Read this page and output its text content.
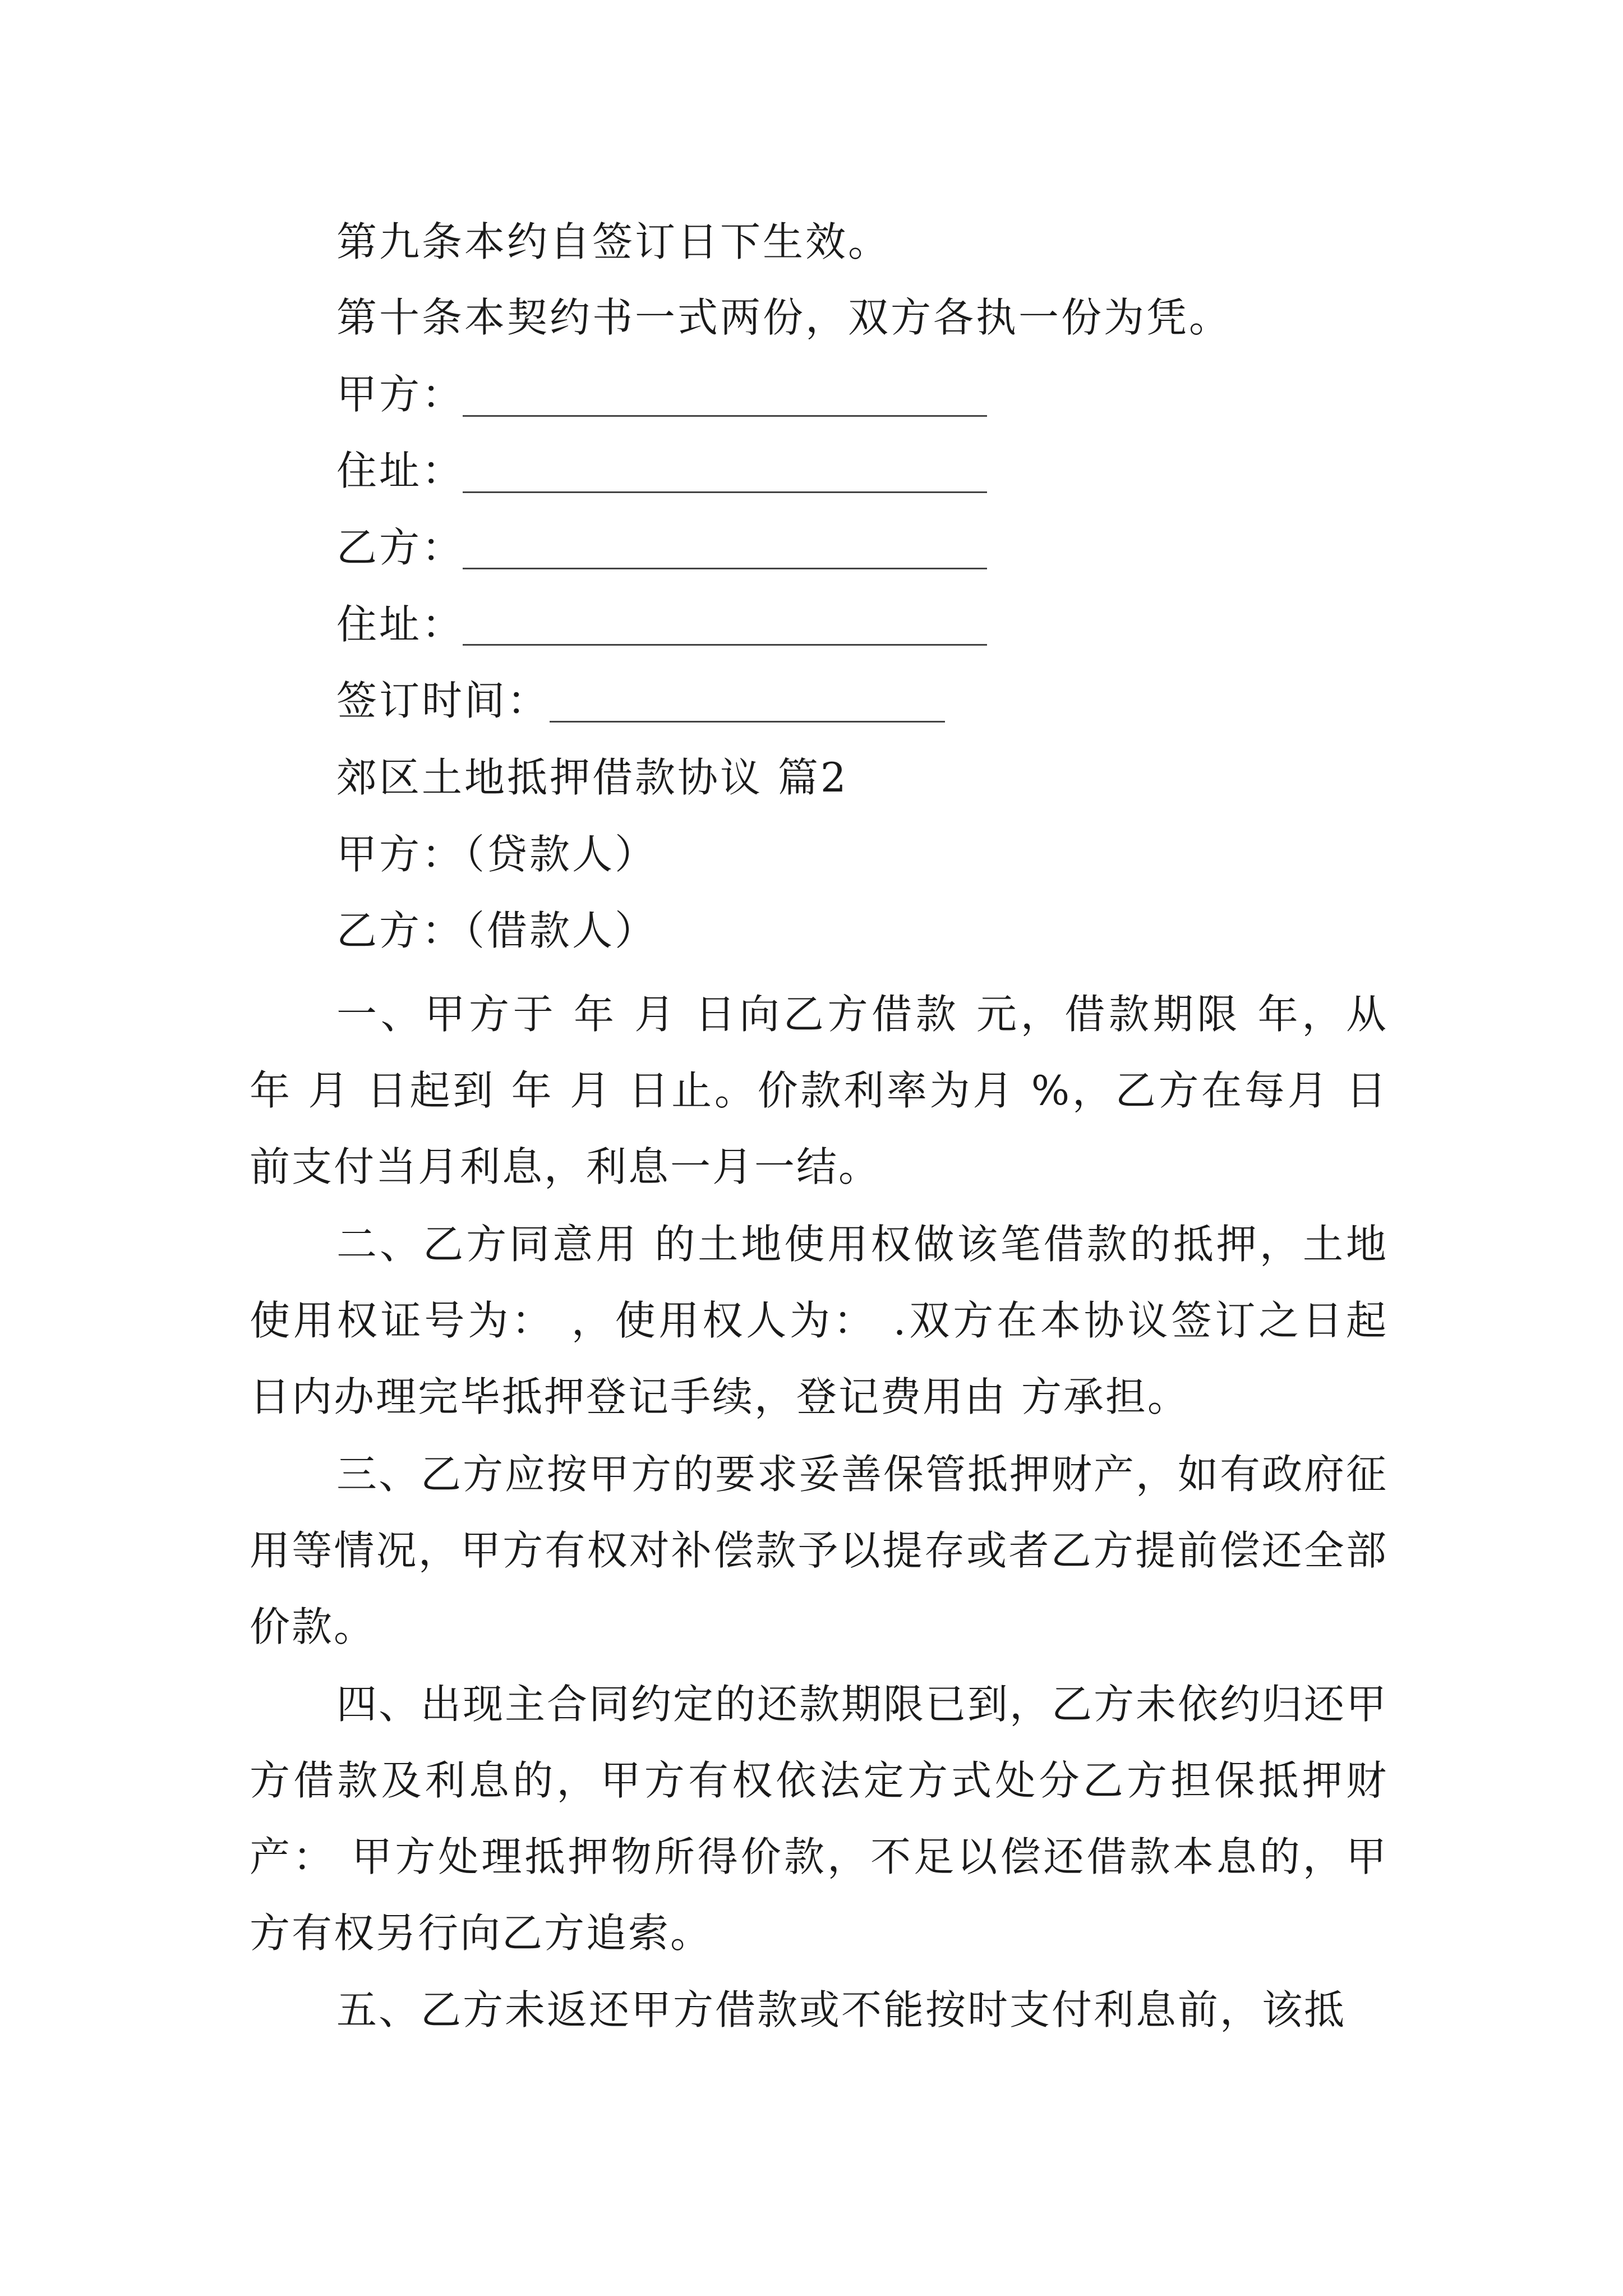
第九条本约自签订日下生效。
第十条本契约书一式两份，双方各执一份为凭。
甲方：
住址：
乙方：
住址：
签订时间：
郊区土地抵押借款协议 篇2
甲方：（贷款人）
乙方：（借款人）
一、甲方于 年 月 日向乙方借款 元，借款期限 年，从 年 月 日起到 年 月 日止。价款利率为月 %，乙方在每月 日前支付当月利息，利息一月一结。
二、乙方同意用 的土地使用权做该笔借款的抵押，土地使用权证号为： ，使用权人为： .双方在本协议签订之日起 日内办理完毕抵押登记手续，登记费用由 方承担。
三、乙方应按甲方的要求妥善保管抵押财产，如有政府征用等情况，甲方有权对补偿款予以提存或者乙方提前偿还全部价款。
四、出现主合同约定的还款期限已到，乙方未依约归还甲方借款及利息的，甲方有权依法定方式处分乙方担保抵押财产： 甲方处理抵押物所得价款，不足以偿还借款本息的，甲方有权另行向乙方追索。
五、乙方未返还甲方借款或不能按时支付利息前，该抵
